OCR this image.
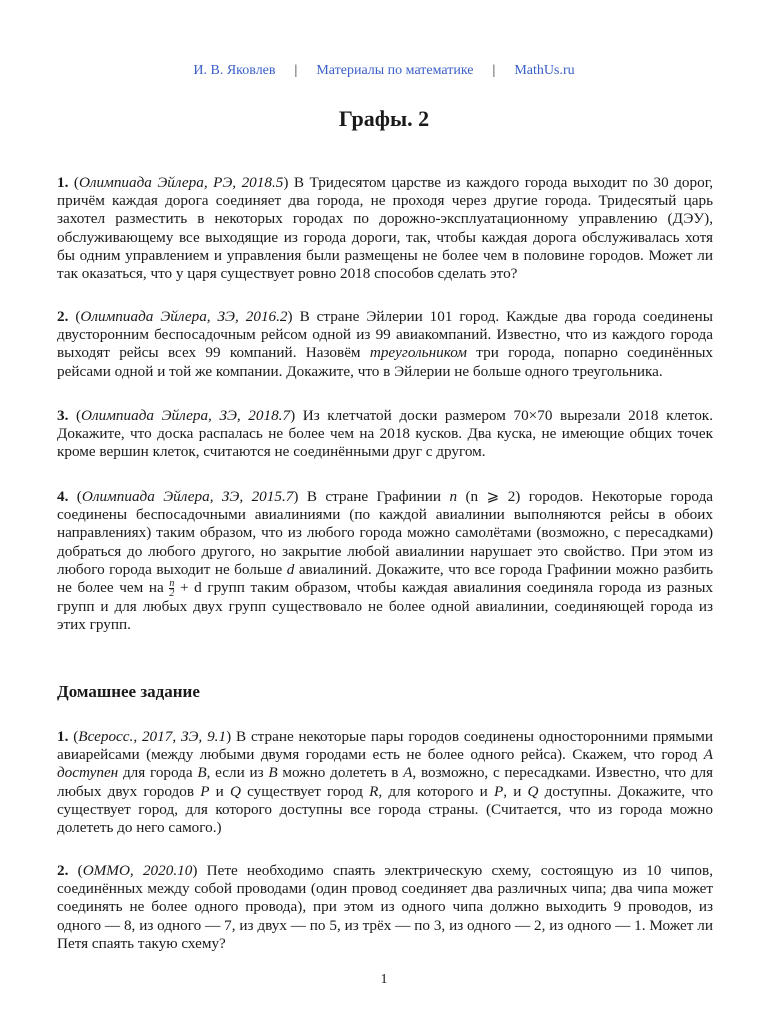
И. В. Яковлев | Материалы по математике | MathUs.ru
Графы. 2
1. (Олимпиада Эйлера, РЭ, 2018.5) В Тридесятом царстве из каждого города выходит по 30 дорог, причём каждая дорога соединяет два города, не проходя через другие города. Тридесятый царь захотел разместить в некоторых городах по дорожно-эксплуатационному управлению (ДЭУ), обслуживающему все выходящие из города дороги, так, чтобы каждая дорога обслуживалась хотя бы одним управлением и управления были размещены не более чем в половине городов. Может ли так оказаться, что у царя существует ровно 2018 способов сделать это?
2. (Олимпиада Эйлера, ЗЭ, 2016.2) В стране Эйлерии 101 город. Каждые два города соединены двусторонним беспосадочным рейсом одной из 99 авиакомпаний. Известно, что из каждого города выходят рейсы всех 99 компаний. Назовём треугольником три города, попарно соединённых рейсами одной и той же компании. Докажите, что в Эйлерии не больше одного треугольника.
3. (Олимпиада Эйлера, ЗЭ, 2018.7) Из клетчатой доски размером 70×70 вырезали 2018 клеток. Докажите, что доска распалась не более чем на 2018 кусков. Два куска, не имеющие общих точек кроме вершин клеток, считаются не соединёнными друг с другом.
4. (Олимпиада Эйлера, ЗЭ, 2015.7) В стране Графинии n (n ⩾ 2) городов. Некоторые города соединены беспосадочными авиалиниями (по каждой авиалинии выполняются рейсы в обоих направлениях) таким образом, что из любого города можно самолётами (возможно, с пересадками) добраться до любого другого, но закрытие любой авиалинии нарушает это свойство. При этом из любого города выходит не больше d авиалиний. Докажите, что все города Графинии можно разбить не более чем на $\frac{n}{2} + d$ групп таким образом, чтобы каждая авиалиния соединяла города из разных групп и для любых двух групп существовало не более одной авиалинии, соединяющей города из этих групп.
Домашнее задание
1. (Всеросс., 2017, ЗЭ, 9.1) В стране некоторые пары городов соединены односторонними прямыми авиарейсами (между любыми двумя городами есть не более одного рейса). Скажем, что город A доступен для города B, если из B можно долететь в A, возможно, с пересадками. Известно, что для любых двух городов P и Q существует город R, для которого и P, и Q доступны. Докажите, что существует город, для которого доступны все города страны. (Считается, что из города можно долететь до него самого.)
2. (ОММО, 2020.10) Пете необходимо спаять электрическую схему, состоящую из 10 чипов, соединённых между собой проводами (один провод соединяет два различных чипа; два чипа может соединять не более одного провода), при этом из одного чипа должно выходить 9 проводов, из одного — 8, из одного — 7, из двух — по 5, из трёх — по 3, из одного — 2, из одного — 1. Может ли Петя спаять такую схему?
1
